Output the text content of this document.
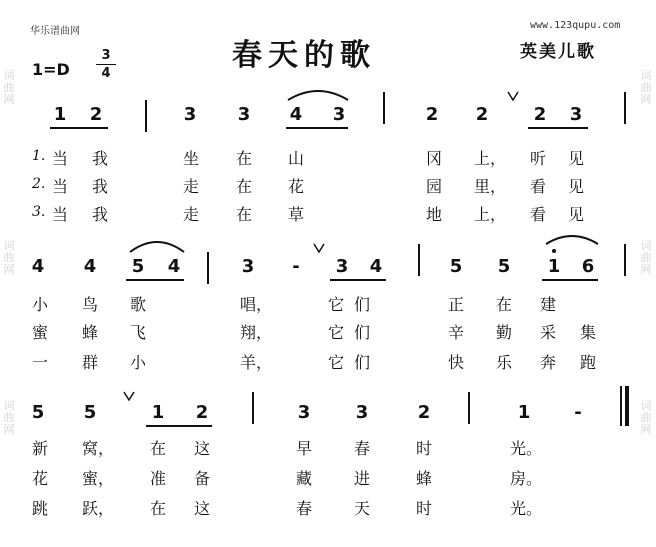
词曲网
词曲网
词曲网
词曲网
词曲网
词曲网
华乐谱曲网
www.123qupu.com
1=D
3
4
春天的歌	英美儿歌
1 2	3 3 4 3	2 2	2 3
1.
2.
3.
当 我	坐 在 山	冈 上， 听 见
当 我	走 在 花	园 里， 看 见
当 我	走 在 草	地 上， 看 见
4 4 5 4	3 - 3 4	5 5 1 6
小 鸟 歌	唱，	它 们	正 在 建
蜜 蜂 飞	翔，	它 们	辛 勤 采 集
一 群 小	羊，	它 们	快 乐 奔 跑
5 5	1 2	3	3	2	1 -
新 窝， 在 这	早	春	时	光。
花 蜜， 准 备	藏	进	蜂	房。
跳 跃， 在 这	春	天	时	光。
